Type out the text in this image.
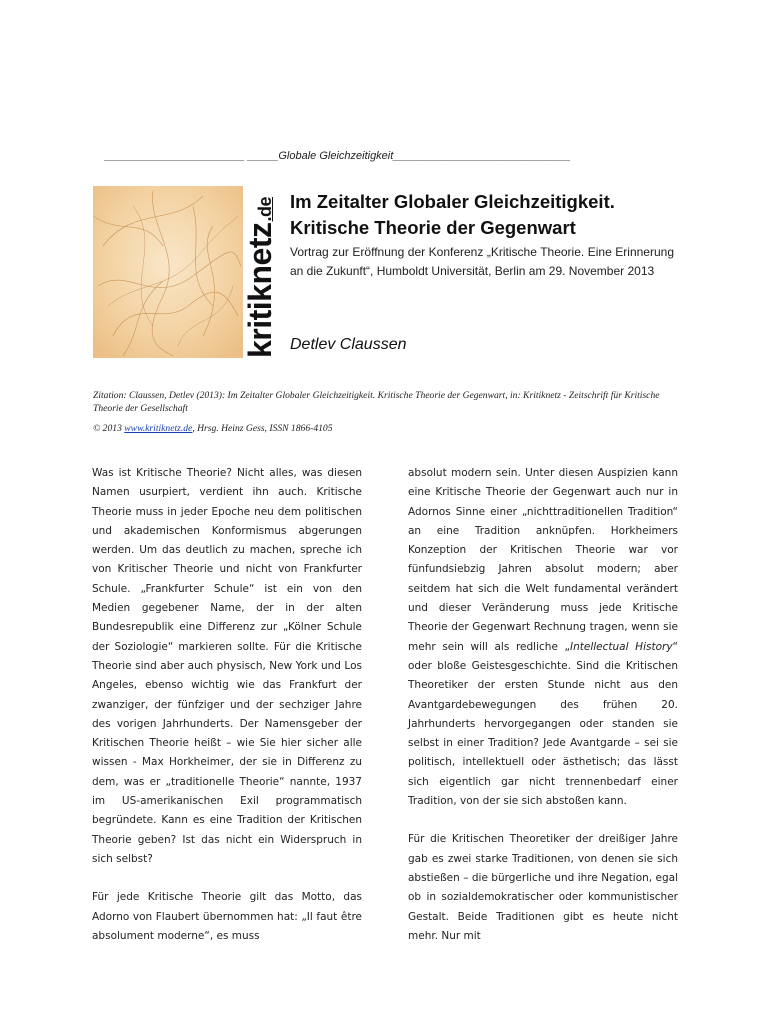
_______________________ _____Globale Gleichzeitigkeit_____________________________
kritiknetz.de Im Zeitalter Globaler Gleichzeitigkeit. Kritische Theorie der Gegenwart
Vortrag zur Eröffnung der Konferenz „Kritische Theorie. Eine Erinnerung an die Zukunft“, Humboldt Universität, Berlin am 29. November 2013
Detlev Claussen
Zitation: Claussen, Detlev (2013): Im Zeitalter Globaler Gleichzeitigkeit. Kritische Theorie der Gegenwart, in: Kritiknetz - Zeitschrift für Kritische Theorie der Gesellschaft
© 2013 www.kritiknetz.de, Hrsg. Heinz Gess, ISSN 1866-4105

Was ist Kritische Theorie? Nicht alles, was diesen Namen usurpiert, verdient ihn auch. Kritische Theorie muss in jeder Epoche neu dem politischen und akademischen Konformismus abgerungen werden. Um das deutlich zu machen, spreche ich von Kritischer Theorie und nicht von Frankfurter Schule. „Frankfurter Schule“ ist ein von den Medien gegebener Name, der in der alten Bundesrepublik eine Differenz zur „Kölner Schule der Soziologie“ markieren sollte. Für die Kritische Theorie sind aber auch physisch, New York und Los Angeles, ebenso wichtig wie das Frankfurt der zwanziger, der fünfziger und der sechziger Jahre des vorigen Jahrhunderts. Der Namensgeber der Kritischen Theorie heißt – wie Sie hier sicher alle wissen - Max Horkheimer, der sie in Differenz zu dem, was er „traditionelle Theorie“ nannte, 1937 im US-amerikanischen Exil programmatisch begründete. Kann es eine Tradition der Kritischen Theorie geben? Ist das nicht ein Widerspruch in sich selbst?

Für jede Kritische Theorie gilt das Motto, das Adorno von Flaubert übernommen hat: „Il faut être absolument moderne“, es muss

absolut modern sein. Unter diesen Auspizien kann eine Kritische Theorie der Gegenwart auch nur in Adornos Sinne einer „nichttraditionellen Tradition“ an eine Tradition anknüpfen. Horkheimers Konzeption der Kritischen Theorie war vor fünfundsiebzig Jahren absolut modern; aber seitdem hat sich die Welt fundamental verändert und dieser Veränderung muss jede Kritische Theorie der Gegenwart Rechnung tragen, wenn sie mehr sein will als redliche „Intellectual History“ oder bloße Geistesgeschichte. Sind die Kritischen Theoretiker der ersten Stunde nicht aus den Avantgardebewegungen des frühen 20. Jahrhunderts hervorgegangen oder standen sie selbst in einer Tradition? Jede Avantgarde – sei sie politisch, intellektuell oder ästhetisch; das lässt sich eigentlich gar nicht trennenbedarf einer Tradition, von der sie sich abstoßen kann.

Für die Kritischen Theoretiker der dreißiger Jahre gab es zwei starke Traditionen, von denen sie sich abstießen – die bürgerliche und ihre Negation, egal ob in sozialdemokratischer oder kommunistischer Gestalt. Beide Traditionen gibt es heute nicht mehr. Nur mit
